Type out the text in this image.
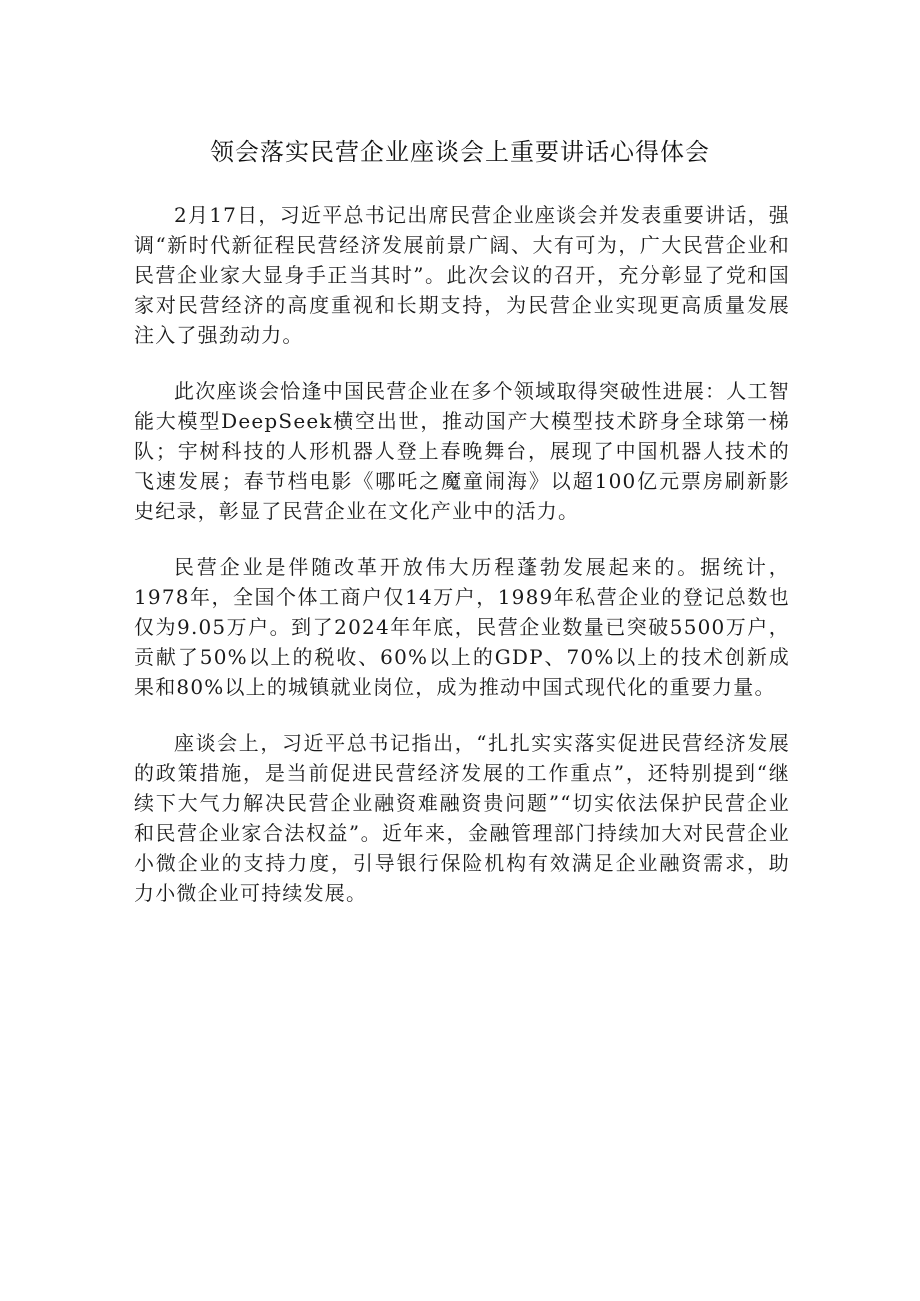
领会落实民营企业座谈会上重要讲话心得体会

2月17日，习近平总书记出席民营企业座谈会并发表重要讲话，强调“新时代新征程民营经济发展前景广阔、大有可为，广大民营企业和民营企业家大显身手正当其时”。此次会议的召开，充分彰显了党和国家对民营经济的高度重视和长期支持，为民营企业实现更高质量发展注入了强劲动力。

此次座谈会恰逢中国民营企业在多个领域取得突破性进展：人工智能大模型DeepSeek横空出世，推动国产大模型技术跻身全球第一梯队；宇树科技的人形机器人登上春晚舞台，展现了中国机器人技术的飞速发展；春节档电影《哪吒之魔童闹海》以超100亿元票房刷新影史纪录，彰显了民营企业在文化产业中的活力。

民营企业是伴随改革开放伟大历程蓬勃发展起来的。据统计，1978年，全国个体工商户仅14万户，1989年私营企业的登记总数也仅为9.05万户。到了2024年年底，民营企业数量已突破5500万户，贡献了50%以上的税收、60%以上的GDP、70%以上的技术创新成果和80%以上的城镇就业岗位，成为推动中国式现代化的重要力量。

座谈会上，习近平总书记指出，“扎扎实实落实促进民营经济发展的政策措施，是当前促进民营经济发展的工作重点”，还特别提到“继续下大气力解决民营企业融资难融资贵问题”“切实依法保护民营企业和民营企业家合法权益”。近年来，金融管理部门持续加大对民营企业小微企业的支持力度，引导银行保险机构有效满足企业融资需求，助力小微企业可持续发展。
